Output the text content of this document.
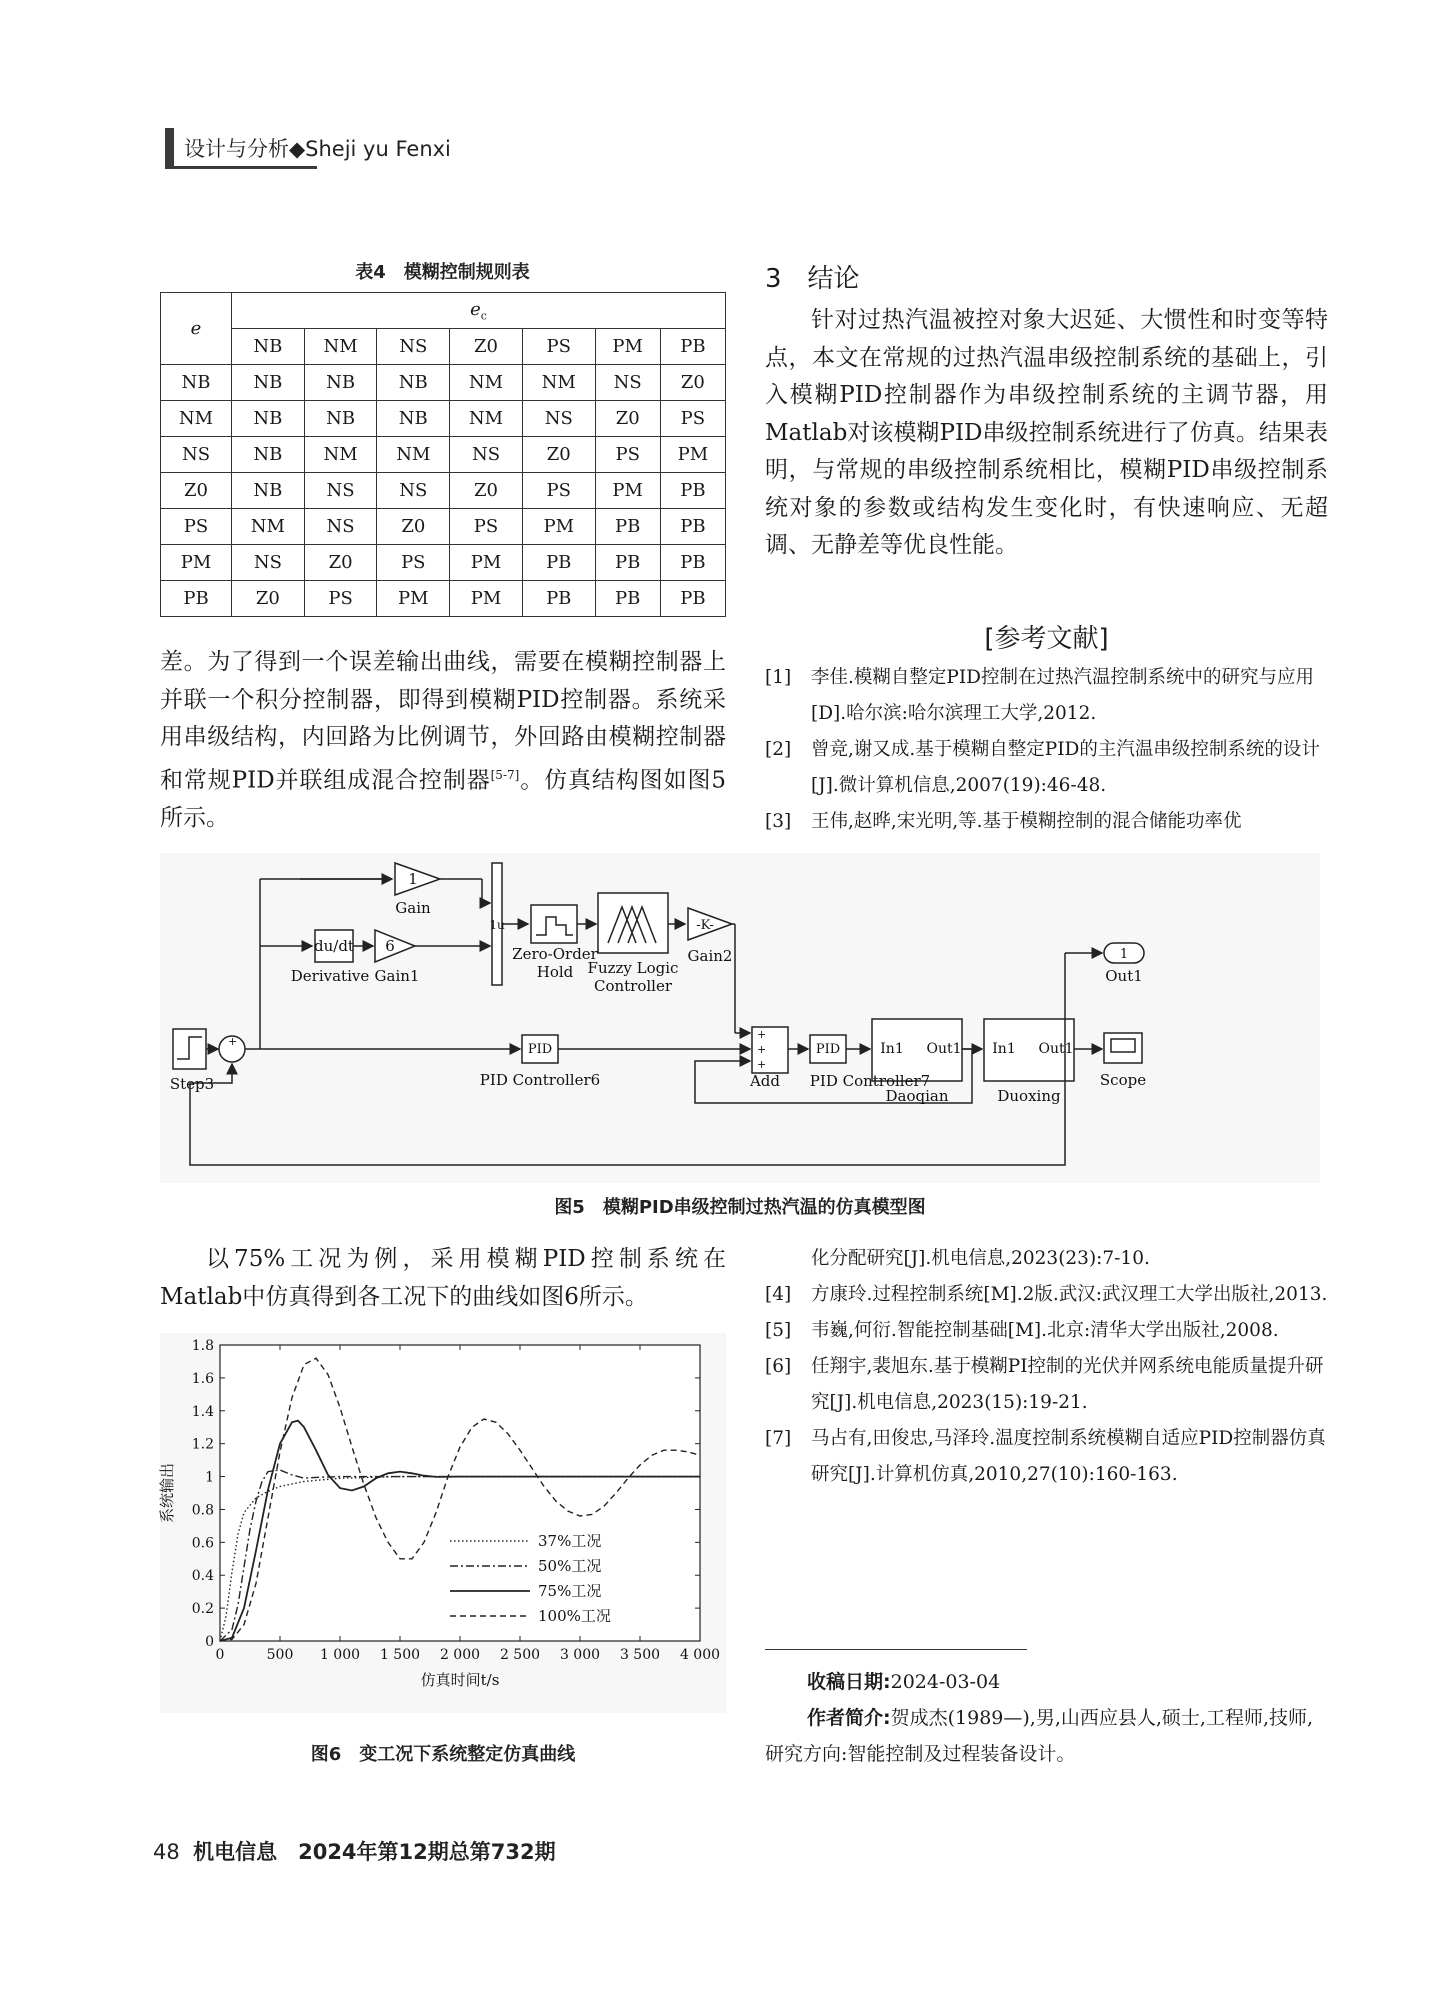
设计与分析◆Sheji yu Fenxi
表4　模糊控制规则表
e	$e_c$
	NB	NM	NS	Z0	PS	PM	PB
NB	NB	NB	NB	NM	NM	NS	Z0
NM	NB	NB	NB	NM	NS	Z0	PS
NS	NB	NM	NM	NS	Z0	PS	PM
Z0	NB	NS	NS	Z0	PS	PM	PB
PS	NM	NS	Z0	PS	PM	PB	PB
PM	NS	Z0	PS	PM	PB	PB	PB
PB	Z0	PS	PM	PM	PB	PB	PB

差。为了得到一个误差输出曲线，需要在模糊控制器上并联一个积分控制器，即得到模糊PID控制器。系统采用串级结构，内回路为比例调节，外回路由模糊控制器和常规PID并联组成混合控制器[5-7]。仿真结构图如图5所示。

3　结论

针对过热汽温被控对象大迟延、大惯性和时变等特点，本文在常规的过热汽温串级控制系统的基础上，引入模糊PID控制器作为串级控制系统的主调节器，用Matlab对该模糊PID串级控制系统进行了仿真。结果表明，与常规的串级控制系统相比，模糊PID串级控制系统对象的参数或结构发生变化时，有快速响应、无超调、无静差等优良性能。

[参考文献]
[1]	李佳.模糊自整定PID控制在过热汽温控制系统中的研究与应用[D].哈尔滨:哈尔滨理工大学,2012.
[2]	曾竞,谢又成.基于模糊自整定PID的主汽温串级控制系统的设计[J].微计算机信息,2007(19):46-48.
[3]	王伟,赵晔,宋光明,等.基于模糊控制的混合储能功率优
1
Gain
du/dt
Derivative
6
Gain1
1u
Zero-Order
Hold Fuzzy Logic
Controller
-K-
Gain2	1
Out1
Step3
PID
PID Controller6	Add
PID
PID Controller7
In1 Out1
Daoqian
In1 Out1
Duoxing
Scope
+
+
+
+
图5　模糊PID串级控制过热汽温的仿真模型图

以75%工况为例，采用模糊PID控制系统在Matlab中仿真得到各工况下的曲线如图6所示。

0	500 1 000 1 500 2 000 2 500 3 000 3 500 4 000
0
0.2
0.4
0.6
0.8
1
1.2
1.4
1.6
1.8
仿真时间t/s
系统输出
37%工况
50%工况
75%工况
100%工况
图6　变工况下系统整定仿真曲线
化分配研究[J].机电信息,2023(23):7-10.
[4]	方康玲.过程控制系统[M].2版.武汉:武汉理工大学出版社,2013.
[5]	韦巍,何衍.智能控制基础[M].北京:清华大学出版社,2008.
[6]	任翔宇,裴旭东.基于模糊PI控制的光伏并网系统电能质量提升研究[J].机电信息,2023(15):19-21.
[7]	马占有,田俊忠,马泽玲.温度控制系统模糊自适应PID控制器仿真研究[J].计算机仿真,2010,27(10):160-163.
收稿日期:2024-03-04
作者简介:贺成杰(1989—),男,山西应县人,硕士,工程师,技师,研究方向:智能控制及过程装备设计。
48 机电信息　2024年第12期总第732期
